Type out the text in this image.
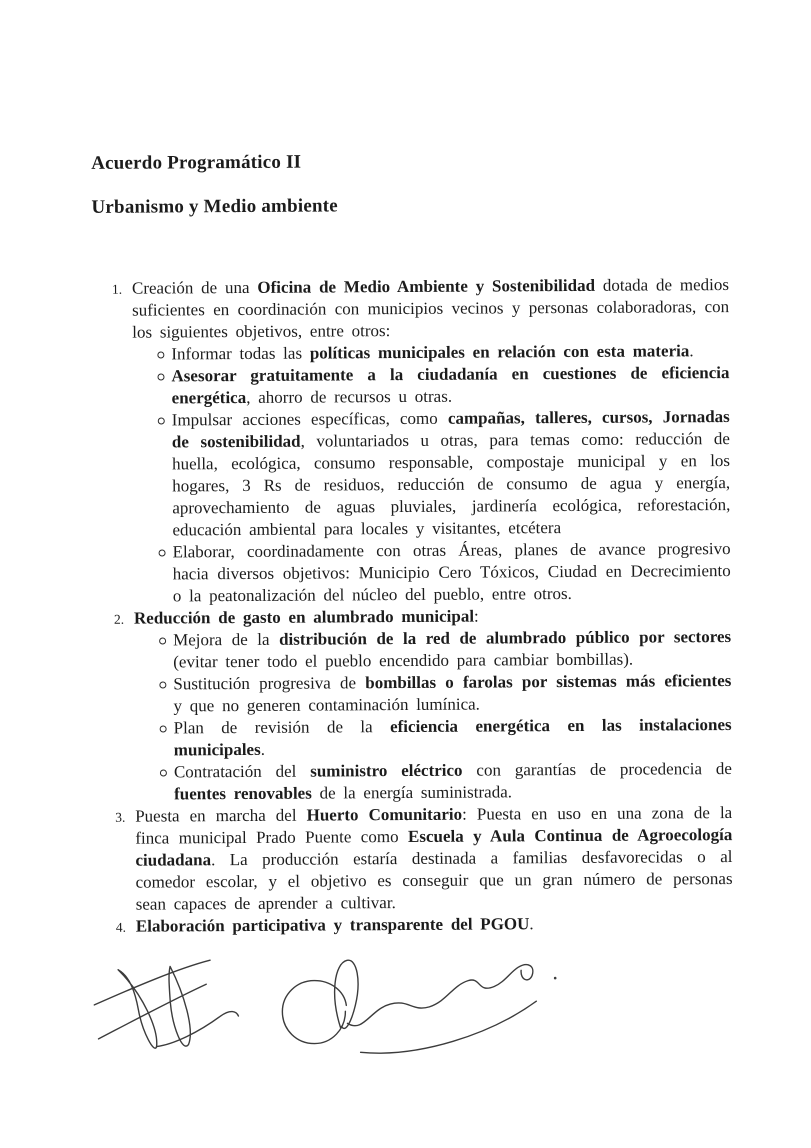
Acuerdo Programático II
Urbanismo y Medio ambiente
1. Creación de una Oficina de Medio Ambiente y Sostenibilidad dotada de medios suficientes en coordinación con municipios vecinos y personas colaboradoras, con los siguientes objetivos, entre otros:
Informar todas las políticas municipales en relación con esta materia.
Asesorar gratuitamente a la ciudadanía en cuestiones de eficiencia energética, ahorro de recursos u otras.
Impulsar acciones específicas, como campañas, talleres, cursos, Jornadas de sostenibilidad, voluntariados u otras, para temas como: reducción de huella, ecológica, consumo responsable, compostaje municipal y en los hogares, 3 Rs de residuos, reducción de consumo de agua y energía, aprovechamiento de aguas pluviales, jardinería ecológica, reforestación, educación ambiental para locales y visitantes, etcétera
Elaborar, coordinadamente con otras Áreas, planes de avance progresivo hacia diversos objetivos: Municipio Cero Tóxicos, Ciudad en Decrecimiento o la peatonalización del núcleo del pueblo, entre otros.
2. Reducción de gasto en alumbrado municipal:
Mejora de la distribución de la red de alumbrado público por sectores (evitar tener todo el pueblo encendido para cambiar bombillas).
Sustitución progresiva de bombillas o farolas por sistemas más eficientes y que no generen contaminación lumínica.
Plan de revisión de la eficiencia energética en las instalaciones municipales.
Contratación del suministro eléctrico con garantías de procedencia de fuentes renovables de la energía suministrada.
3. Puesta en marcha del Huerto Comunitario: Puesta en uso en una zona de la finca municipal Prado Puente como Escuela y Aula Continua de Agroecología ciudadana. La producción estaría destinada a familias desfavorecidas o al comedor escolar, y el objetivo es conseguir que un gran número de personas sean capaces de aprender a cultivar.
4. Elaboración participativa y transparente del PGOU.
